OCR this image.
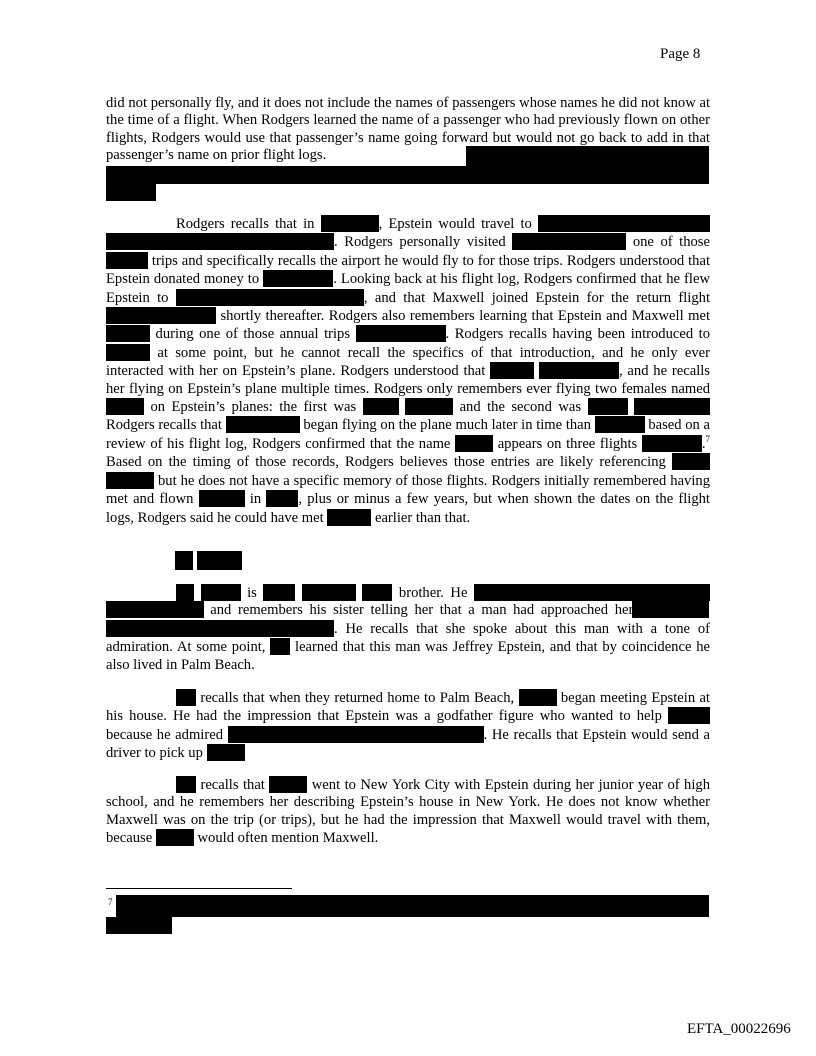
Page 8

did not personally fly, and it does not include the names of passengers whose names he did not know at the time of a flight. When Rodgers learned the name of a passenger who had previously flown on other flights, Rodgers would use that passenger’s name going forward but would not go back to add in that passenger’s name on prior flight logs.

Rodgers recalls that in	, Epstein would travel to  . Rodgers personally visited	one of those  trips and specifically recalls the airport he would fly to for those trips. Rodgers understood that Epstein donated money to	. Looking back at his flight log, Rodgers confirmed that he flew Epstein to	, and that Maxwell joined Epstein for the return flight  shortly thereafter. Rodgers also remembers learning that Epstein and Maxwell met  during one of those annual trips	. Rodgers recalls having been introduced to  at some point, but he cannot recall the specifics of that introduction, and he only ever interacted with her on Epstein’s plane. Rodgers understood that	, and he recalls her flying on Epstein’s plane multiple times. Rodgers only remembers ever flying two females named  on Epstein’s planes: the first was	and the second was   Rodgers recalls that	began flying on the plane much later in time than	based on a review of his flight log, Rodgers confirmed that the name	appears on three flights	.$^7$ Based on the timing of those records, Rodgers believes those entries are likely referencing   but he does not have a specific memory of those flights. Rodgers initially remembered having met and flown	in	, plus or minus a few years, but when shown the dates on the flight logs, Rodgers said he could have met	earlier than that.

is	brother. He  , and remembers his sister telling her that a man had approached her  . He recalls that she spoke about this man with a tone of admiration. At some point, learned that this man was Jeffrey Epstein, and that by coincidence he also lived in Palm Beach.

recalls that when they returned home to Palm Beach,	began meeting Epstein at his house. He had the impression that Epstein was a godfather figure who wanted to help  because he admired	. He recalls that Epstein would send a driver to pick up

recalls that	went to New York City with Epstein during her junior year of high school, and he remembers her describing Epstein’s house in New York. He does not know whether Maxwell was on the trip (or trips), but he had the impression that Maxwell would travel with them, because	would often mention Maxwell.

7
EFTA_00022696
